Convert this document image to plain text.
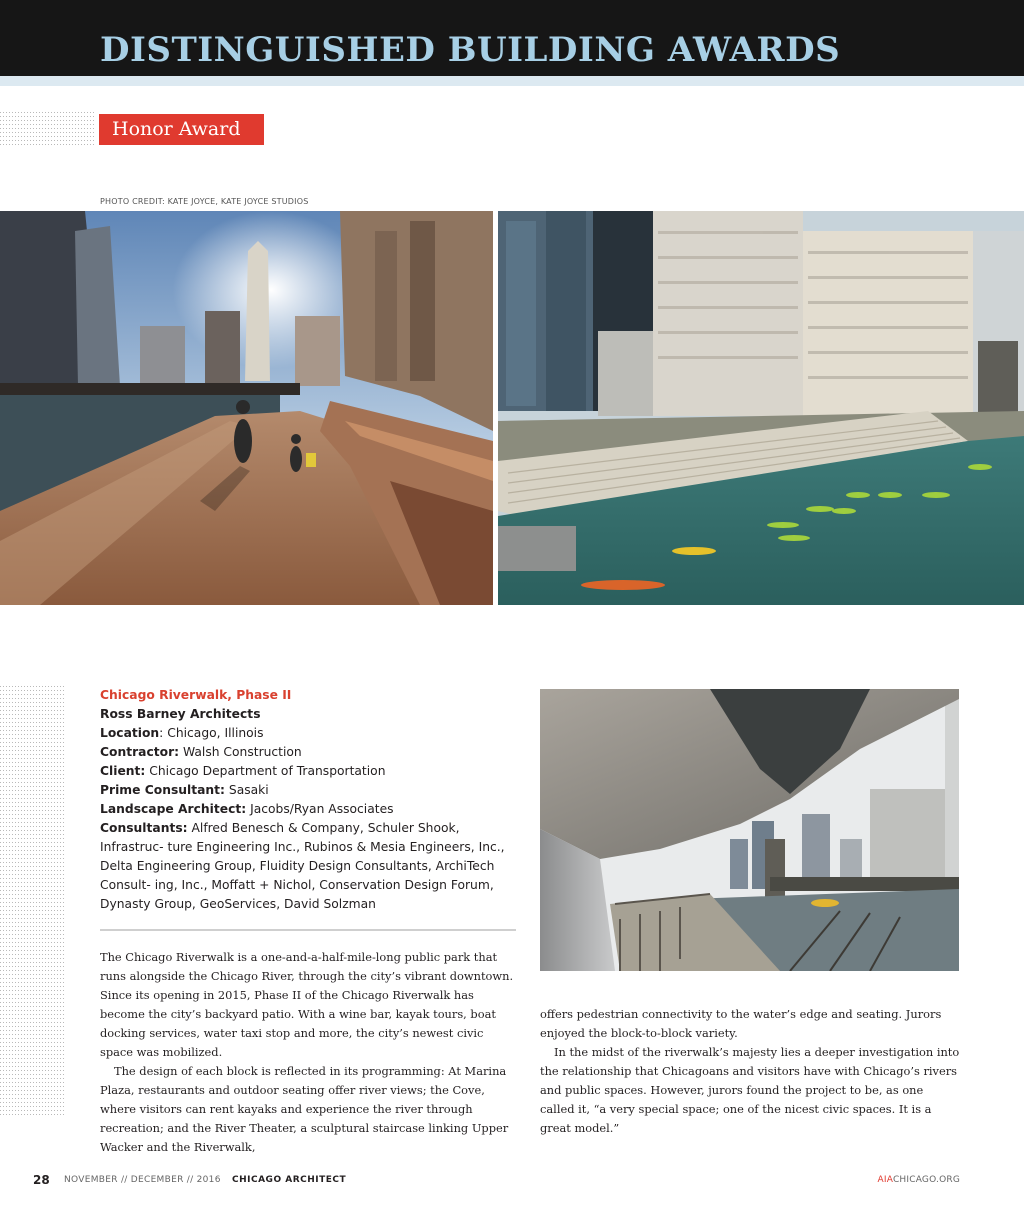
DISTINGUISHED BUILDING AWARDS
Honor Award
PHOTO CREDIT: KATE JOYCE, KATE JOYCE STUDIOS
Chicago Riverwalk, Phase II
Ross Barney Architects
Location: Chicago, Illinois
Contractor: Walsh Construction
Client: Chicago Department of Transportation
Prime Consultant: Sasaki
Landscape Architect: Jacobs/Ryan Associates
Consultants: Alfred Benesch & Company, Schuler Shook, Infrastruc- ture Engineering Inc., Rubinos & Mesia Engineers, Inc., Delta Engineering Group, Fluidity Design Consultants, ArchiTech Consult- ing, Inc., Moffatt + Nichol, Conservation Design Forum, Dynasty Group, GeoServices, David Solzman

The Chicago Riverwalk is a one-and-a-half-mile-long public park that runs alongside the Chicago River, through the city’s vibrant downtown. Since its opening in 2015, Phase II of the Chicago Riverwalk has become the city’s backyard patio. With a wine bar, kayak tours, boat docking services, water taxi stop and more, the city’s newest civic space was mobilized.

The design of each block is reflected in its programming: At Marina Plaza, restaurants and outdoor seating offer river views; the Cove, where visitors can rent kayaks and experience the river through recreation; and the River Theater, a sculptural staircase linking Upper Wacker and the Riverwalk,

offers pedestrian connectivity to the water’s edge and seating. Jurors enjoyed the block-to-block variety.

In the midst of the riverwalk’s majesty lies a deeper investigation into the relationship that Chicagoans and visitors have with Chicago’s rivers and public spaces. However, jurors found the project to be, as one called it, “a very special space; one of the nicest civic spaces. It is a great model.”

28 NOVEMBER // DECEMBER // 2016 CHICAGO ARCHITECT	AIACHICAGO.ORG
